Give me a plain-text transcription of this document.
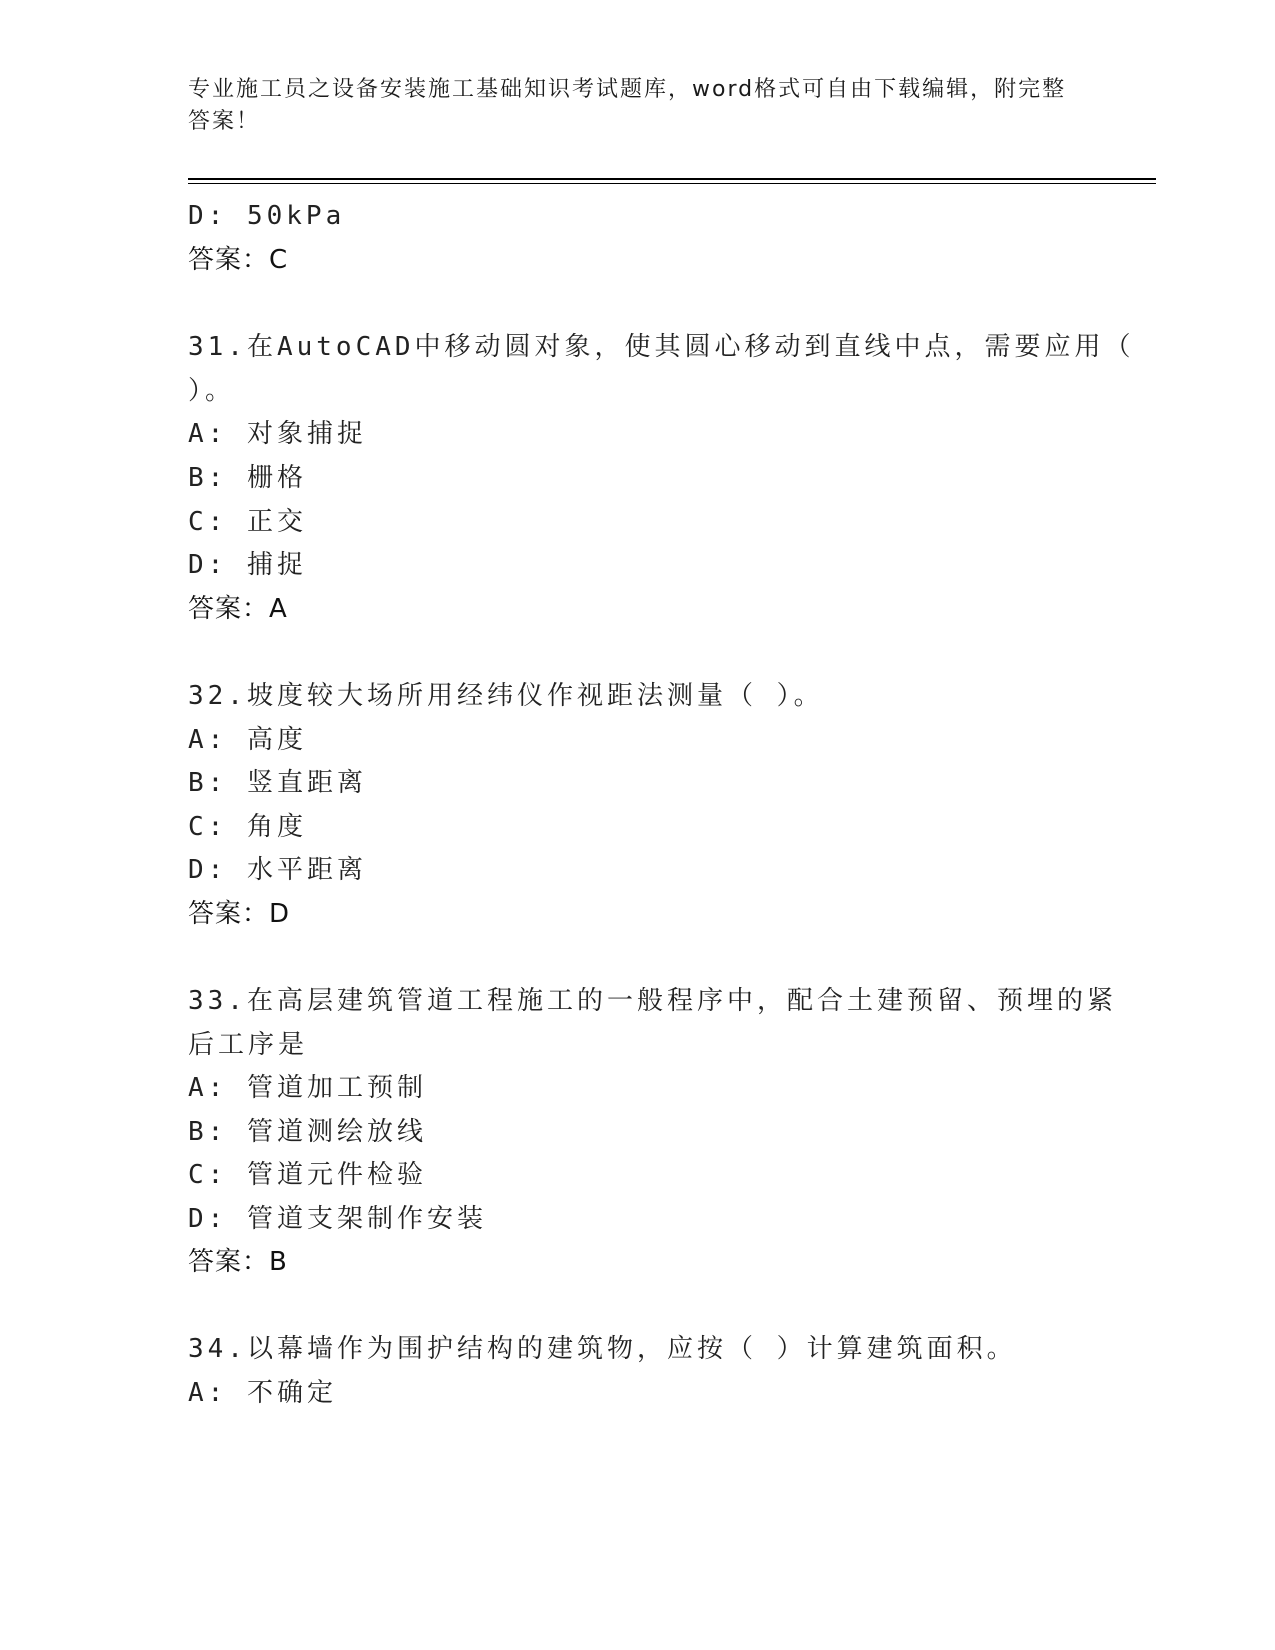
专业施工员之设备安装施工基础知识考试题库，word格式可自由下载编辑，附完整答案！

D: 50kPa

答案：C

31.在AutoCAD中移动圆对象，使其圆心移动到直线中点，需要应用（

）。

A: 对象捕捉

B: 栅格

C: 正交

D: 捕捉

答案：A

32.坡度较大场所用经纬仪作视距法测量（ ）。

A: 高度

B: 竖直距离

C: 角度

D: 水平距离

答案：D

33.在高层建筑管道工程施工的一般程序中，配合土建预留、预埋的紧

后工序是

A: 管道加工预制

B: 管道测绘放线

C: 管道元件检验

D: 管道支架制作安装

答案：B

34.以幕墙作为围护结构的建筑物，应按（ ）计算建筑面积。

A: 不确定
